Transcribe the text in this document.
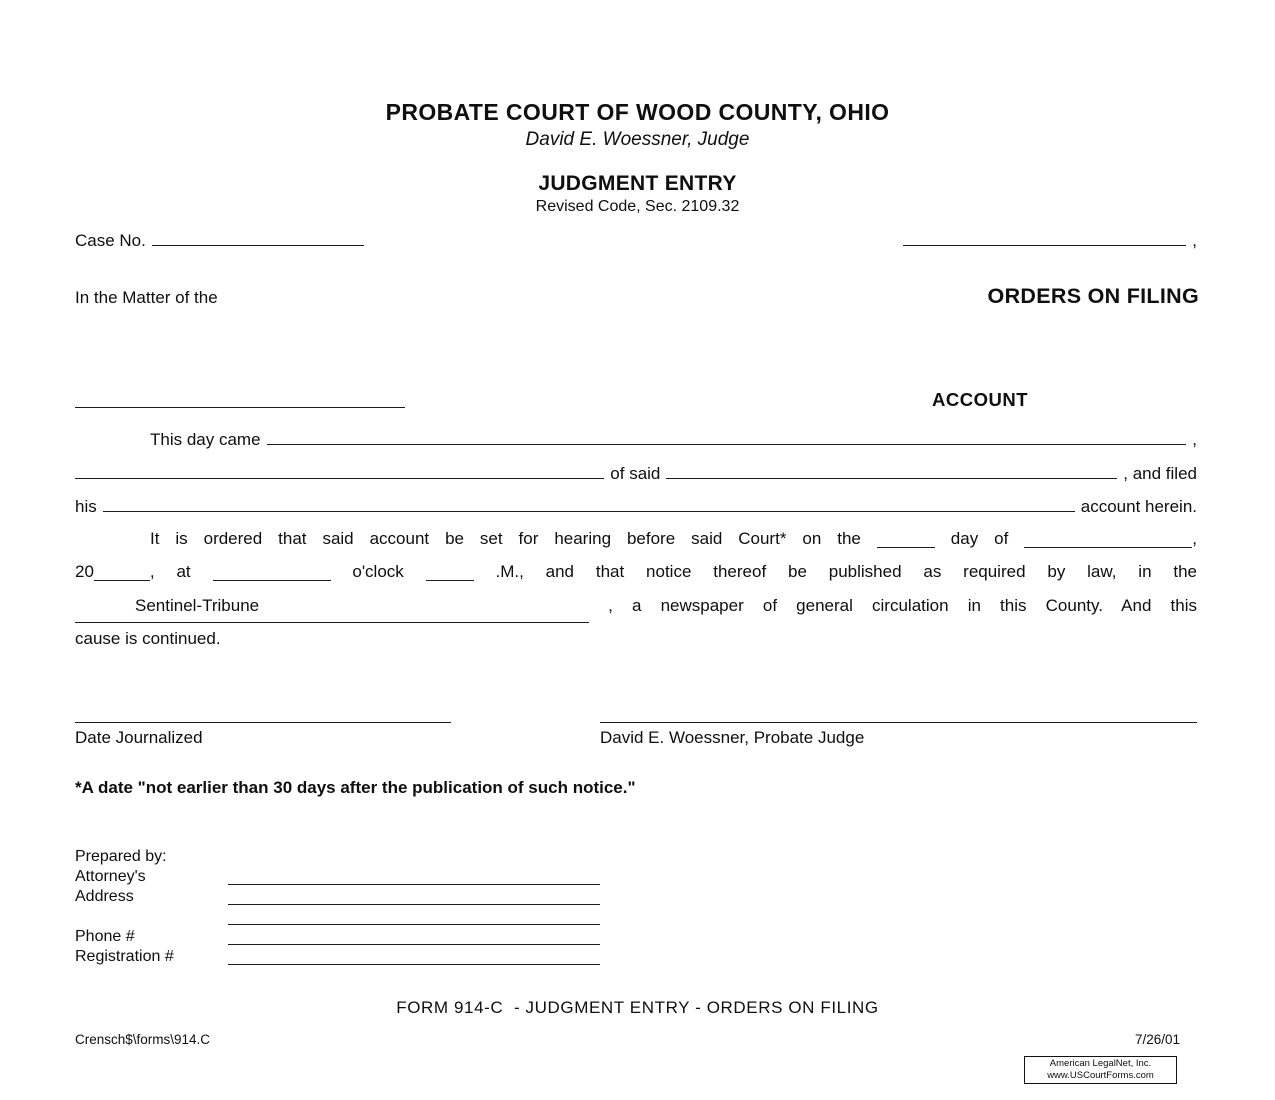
PROBATE COURT OF WOOD COUNTY, OHIO
David E. Woessner, Judge
JUDGMENT ENTRY
Revised Code, Sec. 2109.32
Case No.	,
In the Matter of the	ORDERS ON FILING
ACCOUNT
This day came	,
of said	, and filed
his	account herein.
It is ordered that said account be set for hearing before said Court* on the	day of	,
20	, at	o'clock	.M., and that notice thereof be published as required by law, in the
Sentinel-Tribune	, a newspaper of general circulation in this County. And this
cause is continued.
Date Journalized	David E. Woessner, Probate Judge
*A date "not earlier than 30 days after the publication of such notice."
Prepared by:
Attorney's
Address
Phone #
Registration #
FORM 914-C  - JUDGMENT ENTRY - ORDERS ON FILING
Crensch$\forms\914.C	7/26/01
American LegalNet, Inc.
www.USCourtForms.com
